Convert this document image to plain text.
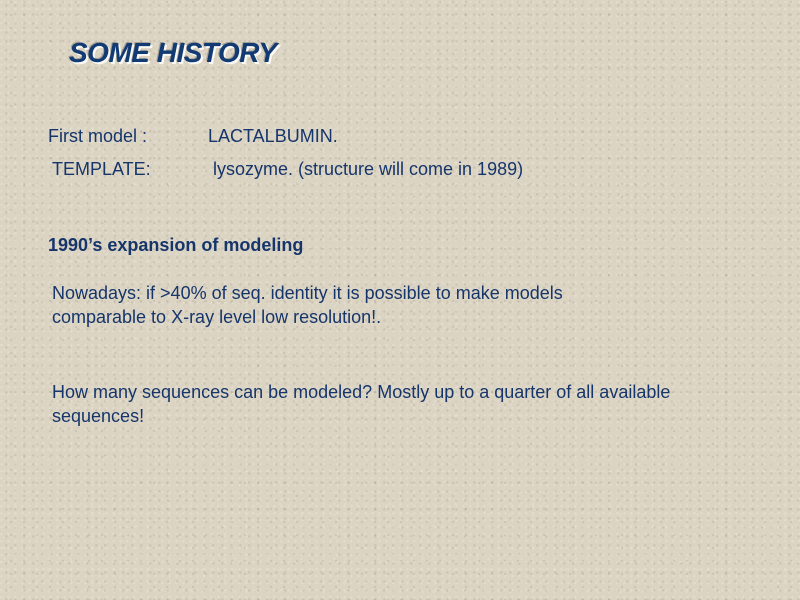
SOME HISTORY

First model :	LACTALBUMIN.

TEMPLATE:	lysozyme. (structure will come in 1989)

1990’s expansion of modeling

Nowadays: if >40% of seq. identity it is possible to make models

comparable to X-ray level low resolution!.

How many sequences can be modeled? Mostly up to a quarter of all available

sequences!
